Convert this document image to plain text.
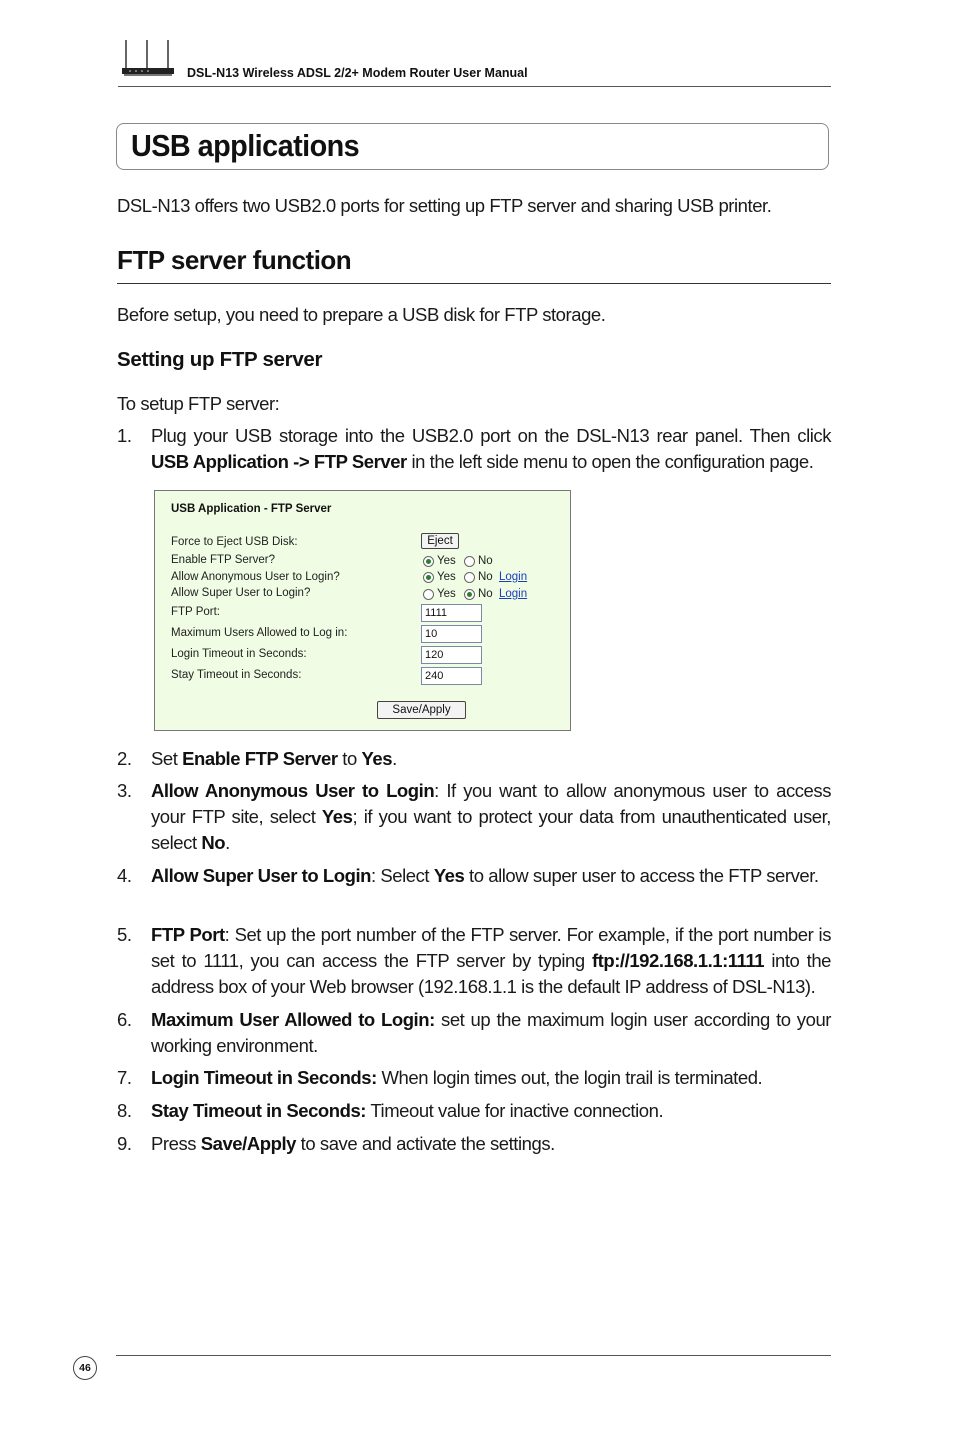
DSL-N13 Wireless ADSL 2/2+ Modem Router User Manual
USB applications
DSL-N13 offers two USB2.0 ports for setting up FTP server and sharing USB printer.
FTP server function
Before setup, you need to prepare a USB disk for FTP storage.
Setting up FTP server
To setup FTP server:
1. Plug your USB storage into the USB2.0 port on the DSL-N13 rear panel. Then click USB Application -> FTP Server in the left side menu to open the configuration page.
USB Application - FTP Server
Force to Eject USB Disk:	Eject
Enable FTP Server?	Yes No
Allow Anonymous User to Login?	Yes No Login
Allow Super User to Login?	Yes No Login
FTP Port:	1111
Maximum Users Allowed to Log in:	10
Login Timeout in Seconds:	120
Stay Timeout in Seconds:	240
Save/Apply
2. Set Enable FTP Server to Yes.
3. Allow Anonymous User to Login: If you want to allow anonymous user to access your FTP site, select Yes; if you want to protect your data from unauthenticated user, select No.
4. Allow Super User to Login: Select Yes to allow super user to access the FTP server.
5. FTP Port: Set up the port number of the FTP server. For example, if the port number is set to 1111, you can access the FTP server by typing ftp://192.168.1.1:1111 into the address box of your Web browser (192.168.1.1 is the default IP address of DSL-N13).
6. Maximum User Allowed to Login: set up the maximum login user according to your working environment.
7. Login Timeout in Seconds: When login times out, the login trail is terminated.
8. Stay Timeout in Seconds: Timeout value for inactive connection.
9. Press Save/Apply to save and activate the settings.
46
